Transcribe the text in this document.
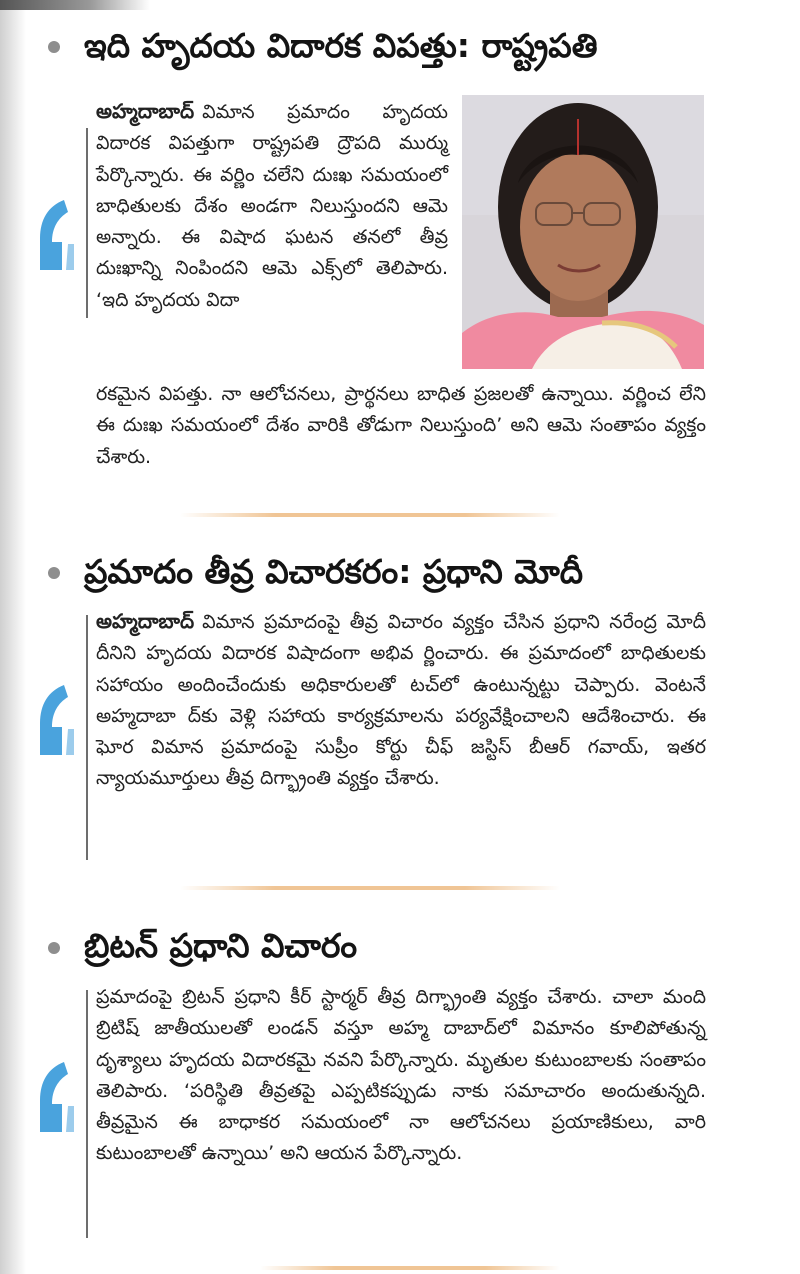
ఇది హృదయ విదారక విపత్తు: రాష్ట్రపతి

అహ్మదాబాద్ విమాన ప్రమాదం హృదయ విదారక విపత్తుగా రాష్ట్రపతి ద్రౌపది ముర్ము పేర్కొన్నారు. ఈ వర్ణిం చలేని దుఃఖ సమయంలో బాధితులకు దేశం అండగా నిలుస్తుందని ఆమె అన్నారు. ఈ విషాద ఘటన తనలో తీవ్ర దుఃఖాన్ని నింపిందని ఆమె ఎక్స్‌లో తెలిపారు. ‘ఇది హృదయ విదా

రకమైన విపత్తు. నా ఆలోచనలు, ప్రార్థనలు బాధిత ప్రజలతో ఉన్నాయి. వర్ణించ లేని ఈ దుఃఖ సమయంలో దేశం వారికి తోడుగా నిలుస్తుంది’ అని ఆమె సంతాపం వ్యక్తం చేశారు.

ప్రమాదం తీవ్ర విచారకరం: ప్రధాని మోదీ

అహ్మదాబాద్ విమాన ప్రమాదంపై తీవ్ర విచారం వ్యక్తం చేసిన ప్రధాని నరేంద్ర మోదీ దీనిని హృదయ విదారక విషాదంగా అభివ ర్ణించారు. ఈ ప్రమాదంలో బాధితులకు సహాయం అందించేందుకు అధికారులతో టచ్‌లో ఉంటున్నట్టు చెప్పారు. వెంటనే అహ్మదాబా ద్‌కు వెళ్లి సహాయ కార్యక్రమాలను పర్యవేక్షించాలని ఆదేశించారు. ఈ ఘోర విమాన ప్రమాదంపై సుప్రీం కోర్టు చీఫ్ జస్టిస్ బీఆర్ గవాయ్, ఇతర న్యాయమూర్తులు తీవ్ర దిగ్భ్రాంతి వ్యక్తం చేశారు.

బ్రిటన్ ప్రధాని విచారం

ప్రమాదంపై బ్రిటన్ ప్రధాని కీర్ స్టార్మర్ తీవ్ర దిగ్భ్రాంతి వ్యక్తం చేశారు. చాలా మంది బ్రిటిష్ జాతీయులతో లండన్ వస్తూ అహ్మ దాబాద్‌లో విమానం కూలిపోతున్న దృశ్యాలు హృదయ విదారకమై నవని పేర్కొన్నారు. మృతుల కుటుంబాలకు సంతాపం తెలిపారు. ‘పరిస్థితి తీవ్రతపై ఎప్పటికప్పుడు నాకు సమాచారం అందుతున్నది. తీవ్రమైన ఈ బాధాకర సమయంలో నా ఆలోచనలు ప్రయాణికులు, వారి కుటుంబాలతో ఉన్నాయి’ అని ఆయన పేర్కొన్నారు.
